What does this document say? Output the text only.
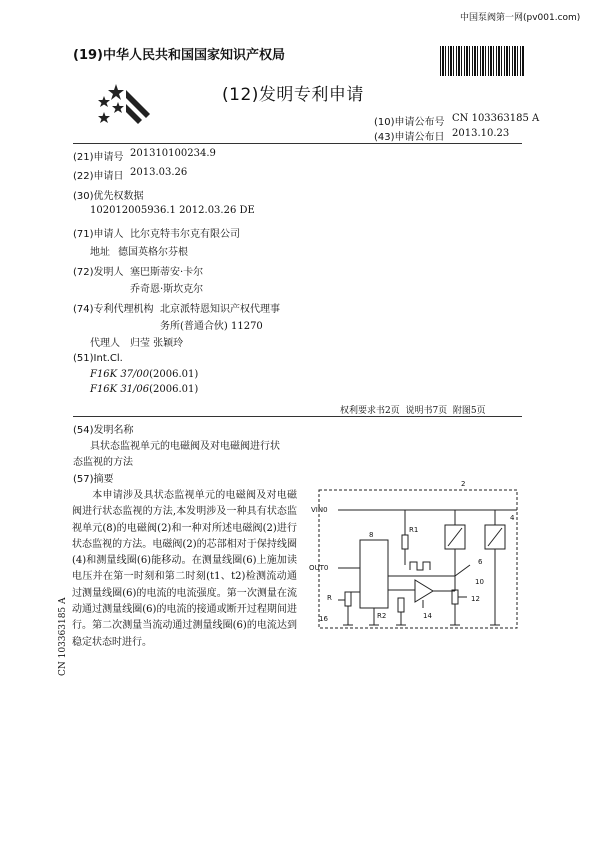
中国泵阀第一网(pv001.com)
(19)中华人民共和国国家知识产权局
(12)发明专利申请
(10)申请公布号 CN 103363185 A
(43)申请公布日 2013.10.23
(21)申请号 201310100234.9
(22)申请日 2013.03.26
(30)优先权数据
102012005936.1 2012.03.26 DE
(71)申请人 比尔克特韦尔克有限公司
地址 德国英格尔芬根
(72)发明人 塞巴斯蒂安·卡尔
乔奇恩·斯坎克尔
(74)专利代理机构 北京派特恩知识产权代理事
务所(普通合伙) 11270
代理人 归莹 张颖玲
(51)Int.Cl.
F16K 37/00(2006.01)
F16K 31/06(2006.01)
权利要求书2页  说明书7页  附图5页
(54)发明名称
具状态监视单元的电磁阀及对电磁阀进行状
态监视的方法
(57)摘要
本申请涉及具状态监视单元的电磁阀及对电磁阀进行状态监视的方法,本发明涉及一种具有状态监视单元(8)的电磁阀(2)和一种对所述电磁阀(2)进行状态监视的方法。电磁阀(2)的芯部相对于保持线圈(4)和测量线圈(6)能移动。在测量线圈(6)上施加读电压并在第一时刻和第二时刻(t1、t2)检测流动通过测量线圈(6)的电流的电流强度。第一次测量在流动通过测量线圈(6)的电流的接通或断开过程期间进行。第二次测量当流动通过测量线圈(6)的电流达到稳定状态时进行。
CN 103363185 A
2
VIN0
4
R1
8
6
OUT0
10
R	12
16	R2	14
